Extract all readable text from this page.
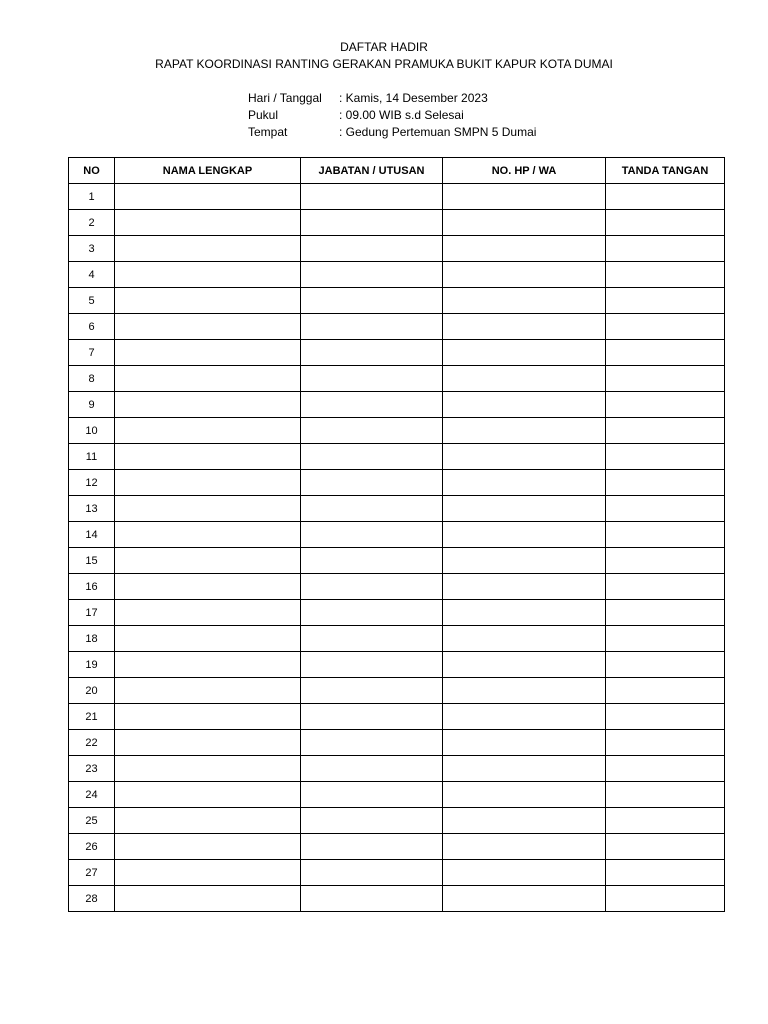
DAFTAR HADIR
RAPAT KOORDINASI RANTING GERAKAN PRAMUKA BUKIT KAPUR KOTA DUMAI
Hari / Tanggal : Kamis, 14 Desember 2023
Pukul	: 09.00 WIB s.d Selesai
Tempat	: Gedung Pertemuan SMPN 5 Dumai
NO	NAMA LENGKAP	JABATAN / UTUSAN	NO. HP / WA	TANDA TANGAN
1				
2				
3				
4				
5				
6				
7				
8				
9				
10				
11				
12				
13				
14				
15				
16				
17				
18				
19				
20				
21				
22				
23				
24				
25				
26				
27				
28				
